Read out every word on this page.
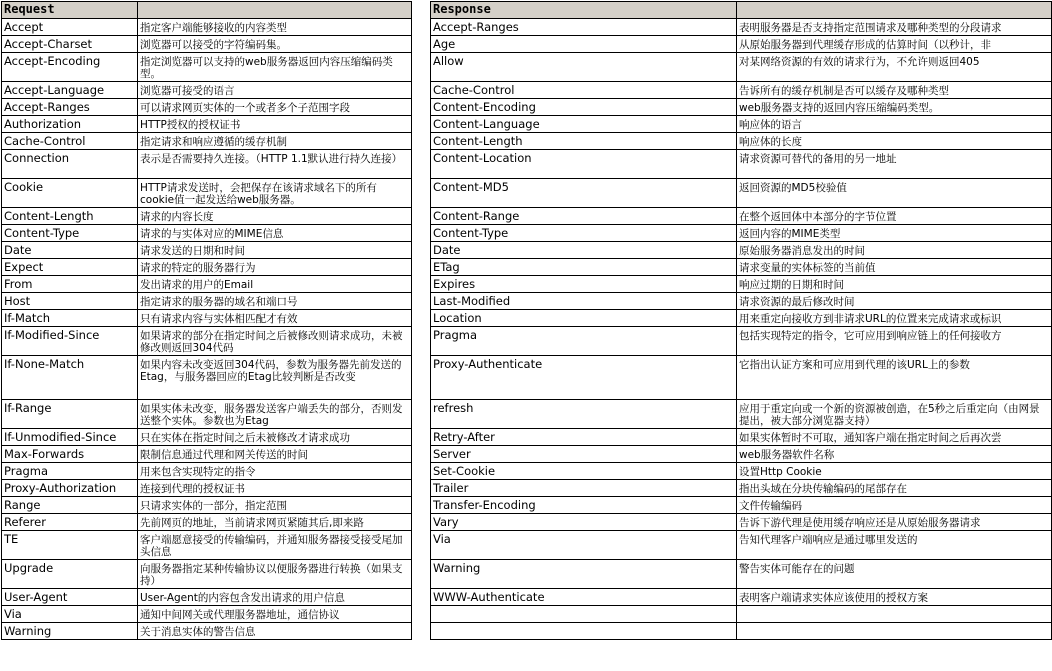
Request	
Accept	指定客户端能够接收的内容类型
Accept-Charset	浏览器可以接受的字符编码集。
Accept-Encoding	指定浏览器可以支持的web服务器返回内容压缩编码类型。
Accept-Language	浏览器可接受的语言
Accept-Ranges	可以请求网页实体的一个或者多个子范围字段
Authorization	HTTP授权的授权证书
Cache-Control	指定请求和响应遵循的缓存机制
Connection	表示是否需要持久连接。（HTTP 1.1默认进行持久连接）
Cookie	HTTP请求发送时，会把保存在该请求域名下的所有cookie值一起发送给web服务器。
Content-Length	请求的内容长度
Content-Type	请求的与实体对应的MIME信息
Date	请求发送的日期和时间
Expect	请求的特定的服务器行为
From	发出请求的用户的Email
Host	指定请求的服务器的域名和端口号
If-Match	只有请求内容与实体相匹配才有效
If-Modified-Since	如果请求的部分在指定时间之后被修改则请求成功，未被修改则返回304代码
If-None-Match	如果内容未改变返回304代码，参数为服务器先前发送的Etag，与服务器回应的Etag比较判断是否改变
If-Range	如果实体未改变，服务器发送客户端丢失的部分，否则发送整个实体。参数也为Etag
If-Unmodified-Since	只在实体在指定时间之后未被修改才请求成功
Max-Forwards	限制信息通过代理和网关传送的时间
Pragma	用来包含实现特定的指令
Proxy-Authorization	连接到代理的授权证书
Range	只请求实体的一部分，指定范围
Referer	先前网页的地址，当前请求网页紧随其后,即来路
TE	客户端愿意接受的传输编码，并通知服务器接受接受尾加头信息
Upgrade	向服务器指定某种传输协议以便服务器进行转换（如果支持）
User-Agent	User-Agent的内容包含发出请求的用户信息
Via	通知中间网关或代理服务器地址，通信协议
Warning	关于消息实体的警告信息
Response	
Accept-Ranges	表明服务器是否支持指定范围请求及哪种类型的分段请求
Age	从原始服务器到代理缓存形成的估算时间（以秒计，非
Allow	对某网络资源的有效的请求行为，不允许则返回405
Cache-Control	告诉所有的缓存机制是否可以缓存及哪种类型
Content-Encoding	web服务器支持的返回内容压缩编码类型。
Content-Language	响应体的语言
Content-Length	响应体的长度
Content-Location	请求资源可替代的备用的另一地址
Content-MD5	返回资源的MD5校验值
Content-Range	在整个返回体中本部分的字节位置
Content-Type	返回内容的MIME类型
Date	原始服务器消息发出的时间
ETag	请求变量的实体标签的当前值
Expires	响应过期的日期和时间
Last-Modified	请求资源的最后修改时间
Location	用来重定向接收方到非请求URL的位置来完成请求或标识
Pragma	包括实现特定的指令，它可应用到响应链上的任何接收方
Proxy-Authenticate	它指出认证方案和可应用到代理的该URL上的参数
refresh	应用于重定向或一个新的资源被创造，在5秒之后重定向（由网景提出，被大部分浏览器支持）
Retry-After	如果实体暂时不可取，通知客户端在指定时间之后再次尝
Server	web服务器软件名称
Set-Cookie	设置Http Cookie
Trailer	指出头域在分块传输编码的尾部存在
Transfer-Encoding	文件传输编码
Vary	告诉下游代理是使用缓存响应还是从原始服务器请求
Via	告知代理客户端响应是通过哪里发送的
Warning	警告实体可能存在的问题
WWW-Authenticate	表明客户端请求实体应该使用的授权方案
